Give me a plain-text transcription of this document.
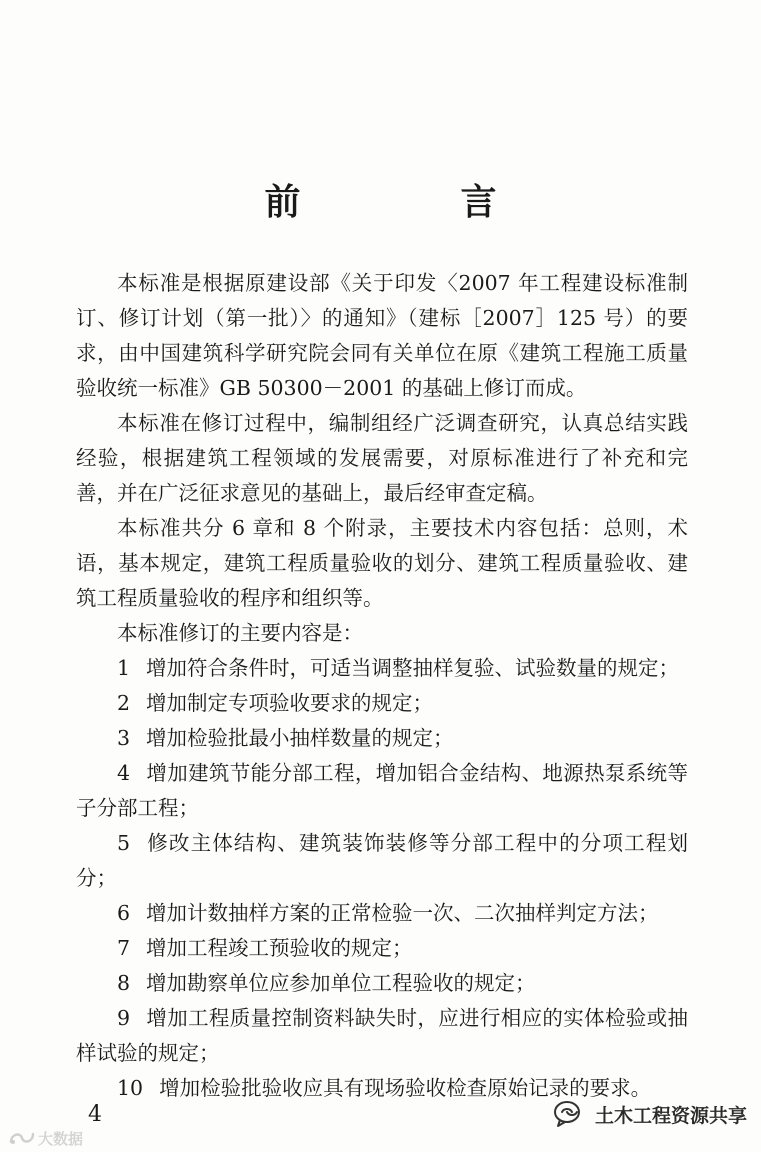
前　言

本标准是根据原建设部《关于印发〈2007 年工程建设标准制订、修订计划（第一批）〉的通知》（建标［2007］125 号）的要求，由中国建筑科学研究院会同有关单位在原《建筑工程施工质量验收统一标准》GB 50300－2001 的基础上修订而成。

本标准在修订过程中，编制组经广泛调查研究，认真总结实践经验，根据建筑工程领域的发展需要，对原标准进行了补充和完善，并在广泛征求意见的基础上，最后经审查定稿。

本标准共分 6 章和 8 个附录，主要技术内容包括：总则，术语，基本规定，建筑工程质量验收的划分、建筑工程质量验收、建筑工程质量验收的程序和组织等。

本标准修订的主要内容是：

1 增加符合条件时，可适当调整抽样复验、试验数量的规定；

2 增加制定专项验收要求的规定；

3 增加检验批最小抽样数量的规定；

4 增加建筑节能分部工程，增加铝合金结构、地源热泵系统等子分部工程；

5 修改主体结构、建筑装饰装修等分部工程中的分项工程划分；

6 增加计数抽样方案的正常检验一次、二次抽样判定方法；

7 增加工程竣工预验收的规定；

8 增加勘察单位应参加单位工程验收的规定；

9 增加工程质量控制资料缺失时，应进行相应的实体检验或抽样试验的规定；

10 增加检验批验收应具有现场验收检查原始记录的要求。

4
大数据
土木工程资源共享
